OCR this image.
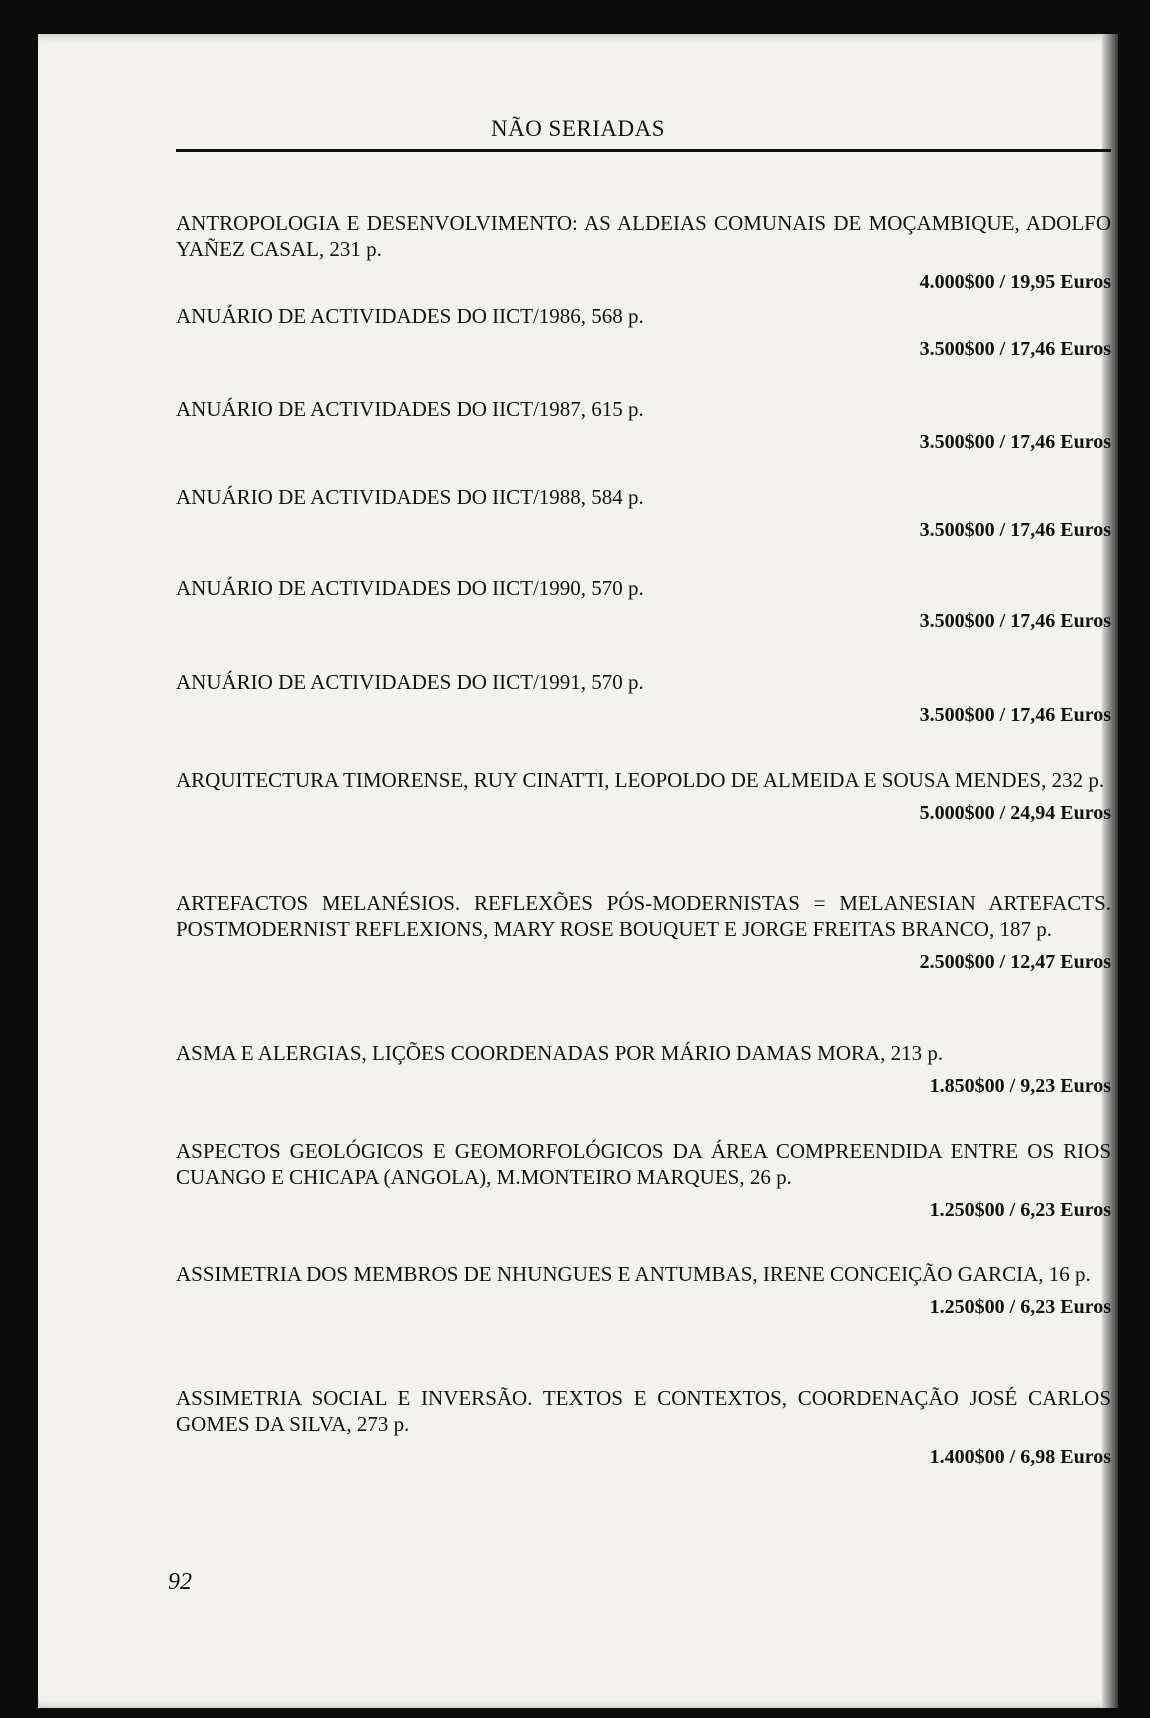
NÃO SERIADAS
ANTROPOLOGIA E DESENVOLVIMENTO: AS ALDEIAS COMUNAIS DE MOÇAMBIQUE, ADOLFO YAÑEZ CASAL, 231 p.
4.000$00 / 19,95 Euros
ANUÁRIO DE ACTIVIDADES DO IICT/1986, 568 p.
3.500$00 / 17,46 Euros
ANUÁRIO DE ACTIVIDADES DO IICT/1987, 615 p.
3.500$00 / 17,46 Euros
ANUÁRIO DE ACTIVIDADES DO IICT/1988, 584 p.
3.500$00 / 17,46 Euros
ANUÁRIO DE ACTIVIDADES DO IICT/1990, 570 p.
3.500$00 / 17,46 Euros
ANUÁRIO DE ACTIVIDADES DO IICT/1991, 570 p.
3.500$00 / 17,46 Euros
ARQUITECTURA TIMORENSE, RUY CINATTI, LEOPOLDO DE ALMEIDA E SOUSA MENDES, 232 p.
5.000$00 / 24,94 Euros
ARTEFACTOS MELANÉSIOS. REFLEXÕES PÓS-MODERNISTAS = MELANESIAN ARTEFACTS. POSTMODERNIST REFLEXIONS, MARY ROSE BOUQUET E JORGE FREITAS BRANCO, 187 p.
2.500$00 / 12,47 Euros
ASMA E ALERGIAS, LIÇÕES COORDENADAS POR MÁRIO DAMAS MORA, 213 p.
1.850$00 / 9,23 Euros
ASPECTOS GEOLÓGICOS E GEOMORFOLÓGICOS DA ÁREA COMPREENDIDA ENTRE OS RIOS CUANGO E CHICAPA (ANGOLA), M.MONTEIRO MARQUES, 26 p.
1.250$00 / 6,23 Euros
ASSIMETRIA DOS MEMBROS DE NHUNGUES E ANTUMBAS, IRENE CONCEIÇÃO GARCIA, 16 p.
1.250$00 / 6,23 Euros
ASSIMETRIA SOCIAL E INVERSÃO. TEXTOS E CONTEXTOS, COORDENAÇÃO JOSÉ CARLOS GOMES DA SILVA, 273 p.
1.400$00 / 6,98 Euros
92
